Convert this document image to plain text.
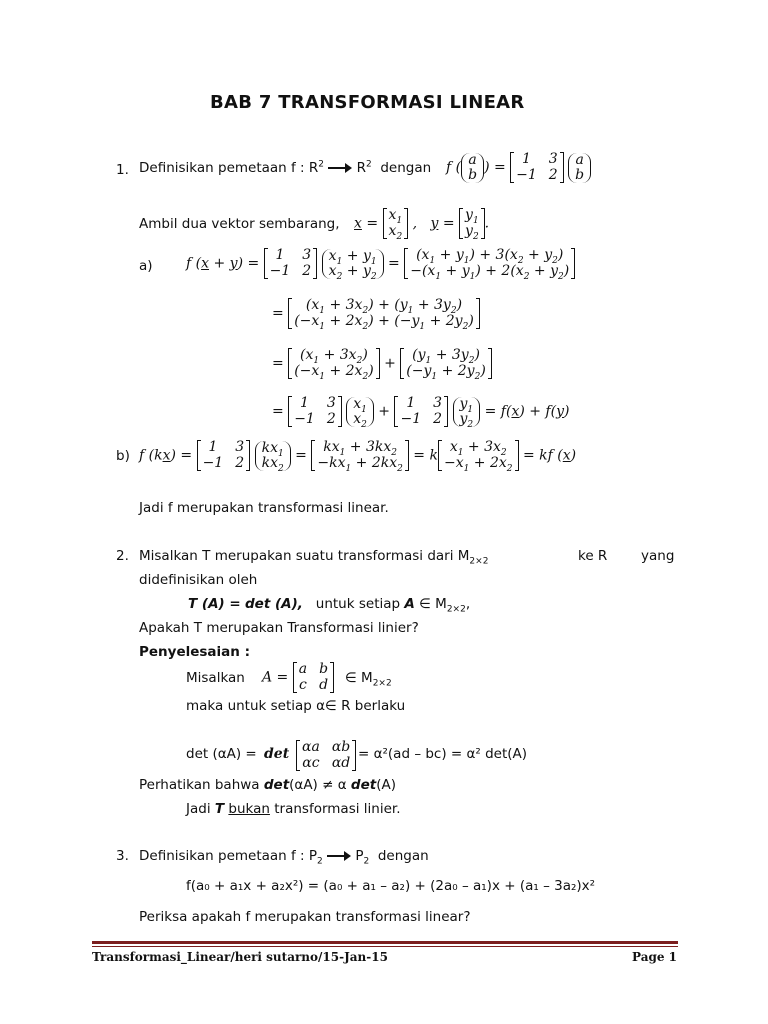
BAB 7 TRANSFORMASI LINEAR
1. Definisikan pemetaan f : $R^2$ $R^2$ dengan f ( a
b ) =
1	3
−1 2

a
b
Ambil dua vektor sembarang, x =
$x_1$
$x_2$
,   y =
$y_1$
$y_2$
.
a) f (x + y) =
1	3
−1 2

$x_1 + y_1$
$x_2 + y_2$
=
$(x_1 + y_1) + 3(x_2 + y_2)$
$-(x_1 + y_1) + 2(x_2 + y_2)$
=
$(x_1 + 3x_2) + (y_1 + 3y_2)$
$(-x_1 + 2x_2) + (-y_1 + 2y_2)$
=
$(x_1 + 3x_2)$
$(-x_1 + 2x_2)$ +
$(y_1 + 3y_2)$
$(-y_1 + 2y_2)$
=
1	3
−1 2

$x_1$
$x_2$
+
1	3
−1 2

$y_1$
$y_2$
= f(x) + f(y)
b) f (kx) =
1	3
−1 2

$kx_1$
$kx_2$
=
$kx_1 + 3kx_2$
$-kx_1 + 2kx_2$
= k
$x_1 + 3x_2$
$-x_1 + 2x_2$
= kf (x)
Jadi f merupakan transformasi linear.
2. Misalkan T merupakan suatu transformasi dari $M_{2\times 2}$	ke R yang
didefinisikan oleh
T (A) = det (A), untuk setiap A ∈ $M_{2\times 2}$,
Apakah T merupakan Transformasi linier?
Penyelesaian :
Misalkan A =
a b
c d ∈ $M_{2\times 2}$
maka untuk setiap α∈ R berlaku
det (αA) = det αa αb
αc αd
= α²(ad – bc) = α² det(A)
Perhatikan bahwa det(αA) ≠ α det(A)
Jadi T bukan transformasi linier.
3. Definisikan pemetaan f : $P_2$ $P_2$ dengan
f(a₀ + a₁x + a₂x²) = (a₀ + a₁ – a₂) + (2a₀ – a₁)x + (a₁ – 3a₂)x²
Periksa apakah f merupakan transformasi linear?
Transformasi_Linear/heri sutarno/15-Jan-15	Page 1
